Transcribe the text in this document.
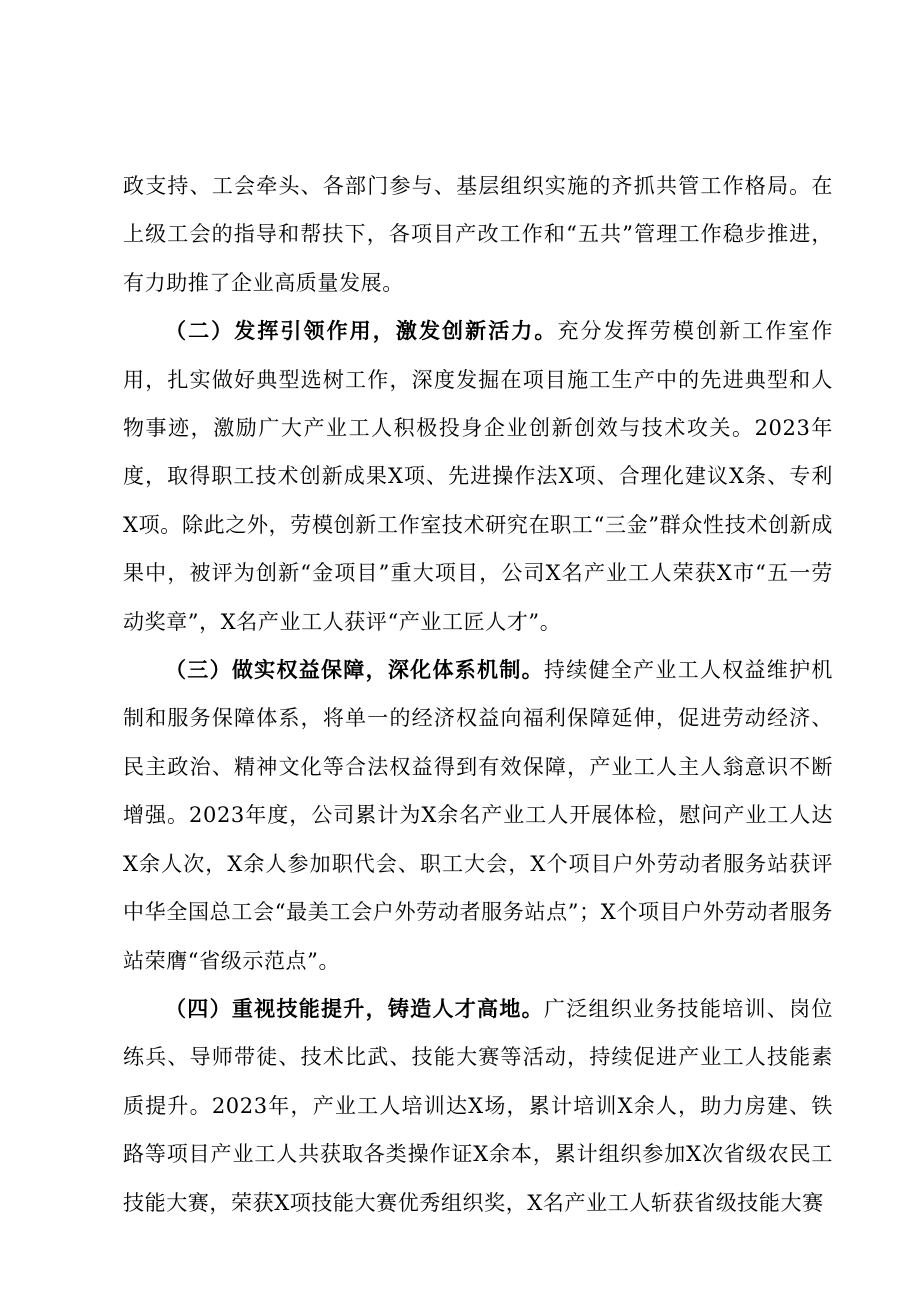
政支持、工会牵头、各部门参与、基层组织实施的齐抓共管工作格局。在上级工会的指导和帮扶下，各项目产改工作和“五共”管理工作稳步推进，有力助推了企业高质量发展。

（二）发挥引领作用，激发创新活力。充分发挥劳模创新工作室作用，扎实做好典型选树工作，深度发掘在项目施工生产中的先进典型和人物事迹，激励广大产业工人积极投身企业创新创效与技术攻关。2023年度，取得职工技术创新成果X项、先进操作法X项、合理化建议X条、专利X项。除此之外，劳模创新工作室技术研究在职工“三金”群众性技术创新成果中，被评为创新“金项目”重大项目，公司X名产业工人荣获X市“五一劳动奖章”，X名产业工人获评“产业工匠人才”。

（三）做实权益保障，深化体系机制。持续健全产业工人权益维护机制和服务保障体系，将单一的经济权益向福利保障延伸，促进劳动经济、民主政治、精神文化等合法权益得到有效保障，产业工人主人翁意识不断增强。2023年度，公司累计为X余名产业工人开展体检，慰问产业工人达X余人次，X余人参加职代会、职工大会，X个项目户外劳动者服务站获评中华全国总工会“最美工会户外劳动者服务站点”；X个项目户外劳动者服务站荣膺“省级示范点”。

（四）重视技能提升，铸造人才高地。广泛组织业务技能培训、岗位练兵、导师带徒、技术比武、技能大赛等活动，持续促进产业工人技能素质提升。2023年，产业工人培训达X场，累计培训X余人，助力房建、铁路等项目产业工人共获取各类操作证X余本，累计组织参加X次省级农民工技能大赛，荣获X项技能大赛优秀组织奖，X名产业工人斩获省级技能大赛
